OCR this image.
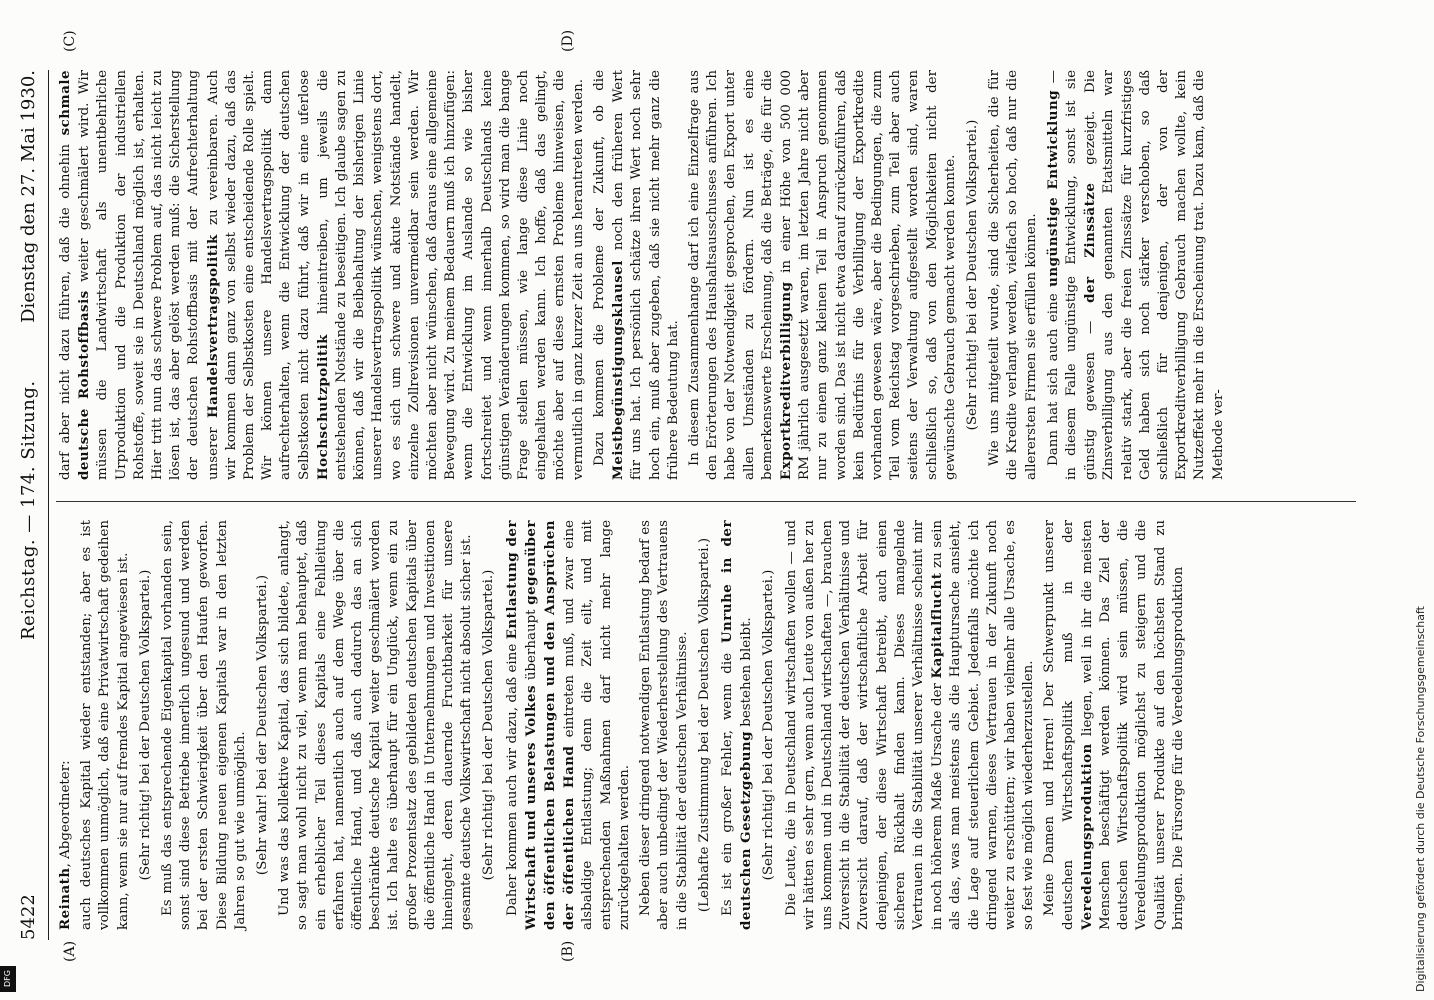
5422
Reichstag. — 174. Sitzung.
Dienstag den 27. Mai 1930.
(A)	(B)
(C)	(D)

Reinath, Abgeordneter: auch deutsches Kapital wieder entstanden; aber es ist vollkommen unmöglich, daß eine Privatwirtschaft gedeihen kann, wenn sie nur auf fremdes Kapital angewiesen ist. (Sehr richtig! bei der Deutschen Volkspartei.) Es muß das entsprechende Eigenkapital vorhanden sein, sonst sind diese Betriebe innerlich ungesund und werden bei der ersten Schwierigkeit über den Haufen geworfen. Diese Bildung neuen eigenen Kapitals war in den letzten Jahren so gut wie unmöglich. (Sehr wahr! bei der Deutschen Volkspartei.) Und was das kollektive Kapital, das sich bildete, anlangt, so sagt man wohl nicht zu viel, wenn man behauptet, daß ein erheblicher Teil dieses Kapitals eine Fehlleitung erfahren hat, namentlich auch auf dem Wege über die öffentliche Hand, und daß auch dadurch das an sich beschränkte deutsche Kapital weiter geschmälert worden ist. Ich halte es überhaupt für ein Unglück, wenn ein zu großer Prozentsatz des gebildeten deutschen Kapitals über die öffentliche Hand in Unternehmungen und Investitionen hineingeht, deren dauernde Fruchtbarkeit für unsere gesamte deutsche Volkswirtschaft nicht absolut sicher ist. (Sehr richtig! bei der Deutschen Volkspartei.) Daher kommen auch wir dazu, daß eine Entlastung der Wirtschaft und unseres Volkes überhaupt gegenüber den öffentlichen Belastungen und den Ansprüchen der öffentlichen Hand eintreten muß, und zwar eine alsbaldige Entlastung; denn die Zeit eilt, und mit entsprechenden Maßnahmen darf nicht mehr lange zurückgehalten werden. Neben dieser dringend notwendigen Entlastung bedarf es aber auch unbedingt der Wiederherstellung des Vertrauens in die Stabilität der deutschen Verhältnisse. (Lebhafte Zustimmung bei der Deutschen Volkspartei.) Es ist ein großer Fehler, wenn die Unruhe in der deutschen Gesetzgebung bestehen bleibt. (Sehr richtig! bei der Deutschen Volkspartei.) Die Leute, die in Deutschland wirtschaften wollen — und wir hätten es sehr gern, wenn auch Leute von außen her zu uns kommen und in Deutschland wirtschaften —, brauchen Zuversicht in die Stabilität der deutschen Verhältnisse und Zuversicht darauf, daß der wirtschaftliche Arbeit für denjenigen, der diese Wirtschaft betreibt, auch einen sicheren Rückhalt finden kann. Dieses mangelnde Vertrauen in die Stabilität unserer Verhältnisse scheint mir in noch höherem Maße Ursache der Kapitalflucht zu sein als das, was man meistens als die Hauptursache ansieht, die Lage auf steuerlichem Gebiet. Jedenfalls möchte ich dringend warnen, dieses Vertrauen in der Zukunft noch weiter zu erschüttern; wir haben vielmehr alle Ursache, es so fest wie möglich wiederherzustellen. Meine Damen und Herren! Der Schwerpunkt unserer deutschen Wirtschaftspolitik muß in der Veredelungsproduktion liegen, weil in ihr die meisten Menschen beschäftigt werden können. Das Ziel der deutschen Wirtschaftspolitik wird sein müssen, die Veredelungsproduktion möglichst zu steigern und die Qualität unserer Produkte auf den höchsten Stand zu bringen. Die Fürsorge für die Veredelungsproduktion

darf aber nicht dazu führen, daß die ohnehin schmale deutsche Rohstoffbasis weiter geschmälert wird. Wir müssen die Landwirtschaft als unentbehrliche Urproduktion und die Produktion der industriellen Rohstoffe, soweit sie in Deutschland möglich ist, erhalten. Hier tritt nun das schwere Problem auf, das nicht leicht zu lösen ist, das aber gelöst werden muß: die Sicherstellung der deutschen Rohstoffbasis mit der Aufrechterhaltung unserer Handelsvertragspolitik zu vereinbaren. Auch wir kommen dann ganz von selbst wieder dazu, daß das Problem der Selbstkosten eine entscheidende Rolle spielt. Wir können unsere Handelsvertragspolitik dann aufrechterhalten, wenn die Entwicklung der deutschen Selbstkosten nicht dazu führt, daß wir in eine uferlose Hochschutzpolitik hineintreiben, um jeweils die entstehenden Notstände zu beseitigen. Ich glaube sagen zu können, daß wir die Beibehaltung der bisherigen Linie unserer Handelsvertragspolitik wünschen, wenigstens dort, wo es sich um schwere und akute Notstände handelt, einzelne Zollrevisionen unvermeidbar sein werden. Wir möchten aber nicht wünschen, daß daraus eine allgemeine Bewegung wird. Zu meinem Bedauern muß ich hinzufügen: wenn die Entwicklung im Auslande so wie bisher fortschreitet und wenn innerhalb Deutschlands keine günstigen Veränderungen kommen, so wird man die bange Frage stellen müssen, wie lange diese Linie noch eingehalten werden kann. Ich hoffe, daß das gelingt, möchte aber auf diese ernsten Probleme hinweisen, die vermutlich in ganz kurzer Zeit an uns herantreten werden. Dazu kommen die Probleme der Zukunft, ob die Meistbegünstigungsklausel noch den früheren Wert für uns hat. Ich persönlich schätze ihren Wert noch sehr hoch ein, muß aber zugeben, daß sie nicht mehr ganz die frühere Bedeutung hat. In diesem Zusammenhange darf ich eine Einzelfrage aus den Erörterungen des Haushaltsausschusses anführen. Ich habe von der Notwendigkeit gesprochen, den Export unter allen Umständen zu fördern. Nun ist es eine bemerkenswerte Erscheinung, daß die Beträge, die für die Exportkreditverbilligung in einer Höhe von 500 000 RM jährlich ausgesetzt waren, im letzten Jahre nicht aber nur zu einem ganz kleinen Teil in Anspruch genommen worden sind. Das ist nicht etwa darauf zurückzuführen, daß kein Bedürfnis für die Verbilligung der Exportkredite vorhanden gewesen wäre, aber die Bedingungen, die zum Teil vom Reichstag vorgeschrieben, zum Teil aber auch seitens der Verwaltung aufgestellt worden sind, waren schließlich so, daß von den Möglichkeiten nicht der gewünschte Gebrauch gemacht werden konnte. (Sehr richtig! bei der Deutschen Volkspartei.) Wie uns mitgeteilt wurde, sind die Sicherheiten, die für die Kredite verlangt werden, vielfach so hoch, daß nur die allerersten Firmen sie erfüllen können. Dann hat sich auch eine ungünstige Entwicklung — in diesem Falle ungünstige Entwicklung, sonst ist sie günstig gewesen — der Zinssätze gezeigt. Die Zinsverbilligung aus den genannten Etatsmitteln war relativ stark, aber die freien Zinssätze für kurzfristiges Geld haben sich noch stärker verschoben, so daß schließlich für denjenigen, der von der Exportkreditverbilligung Gebrauch machen wollte, kein Nutzeffekt mehr in die Erscheinung trat. Dazu kam, daß die Methode ver-

Digitalisierung gefördert durch die Deutsche Forschungsgemeinschaft
DFG
